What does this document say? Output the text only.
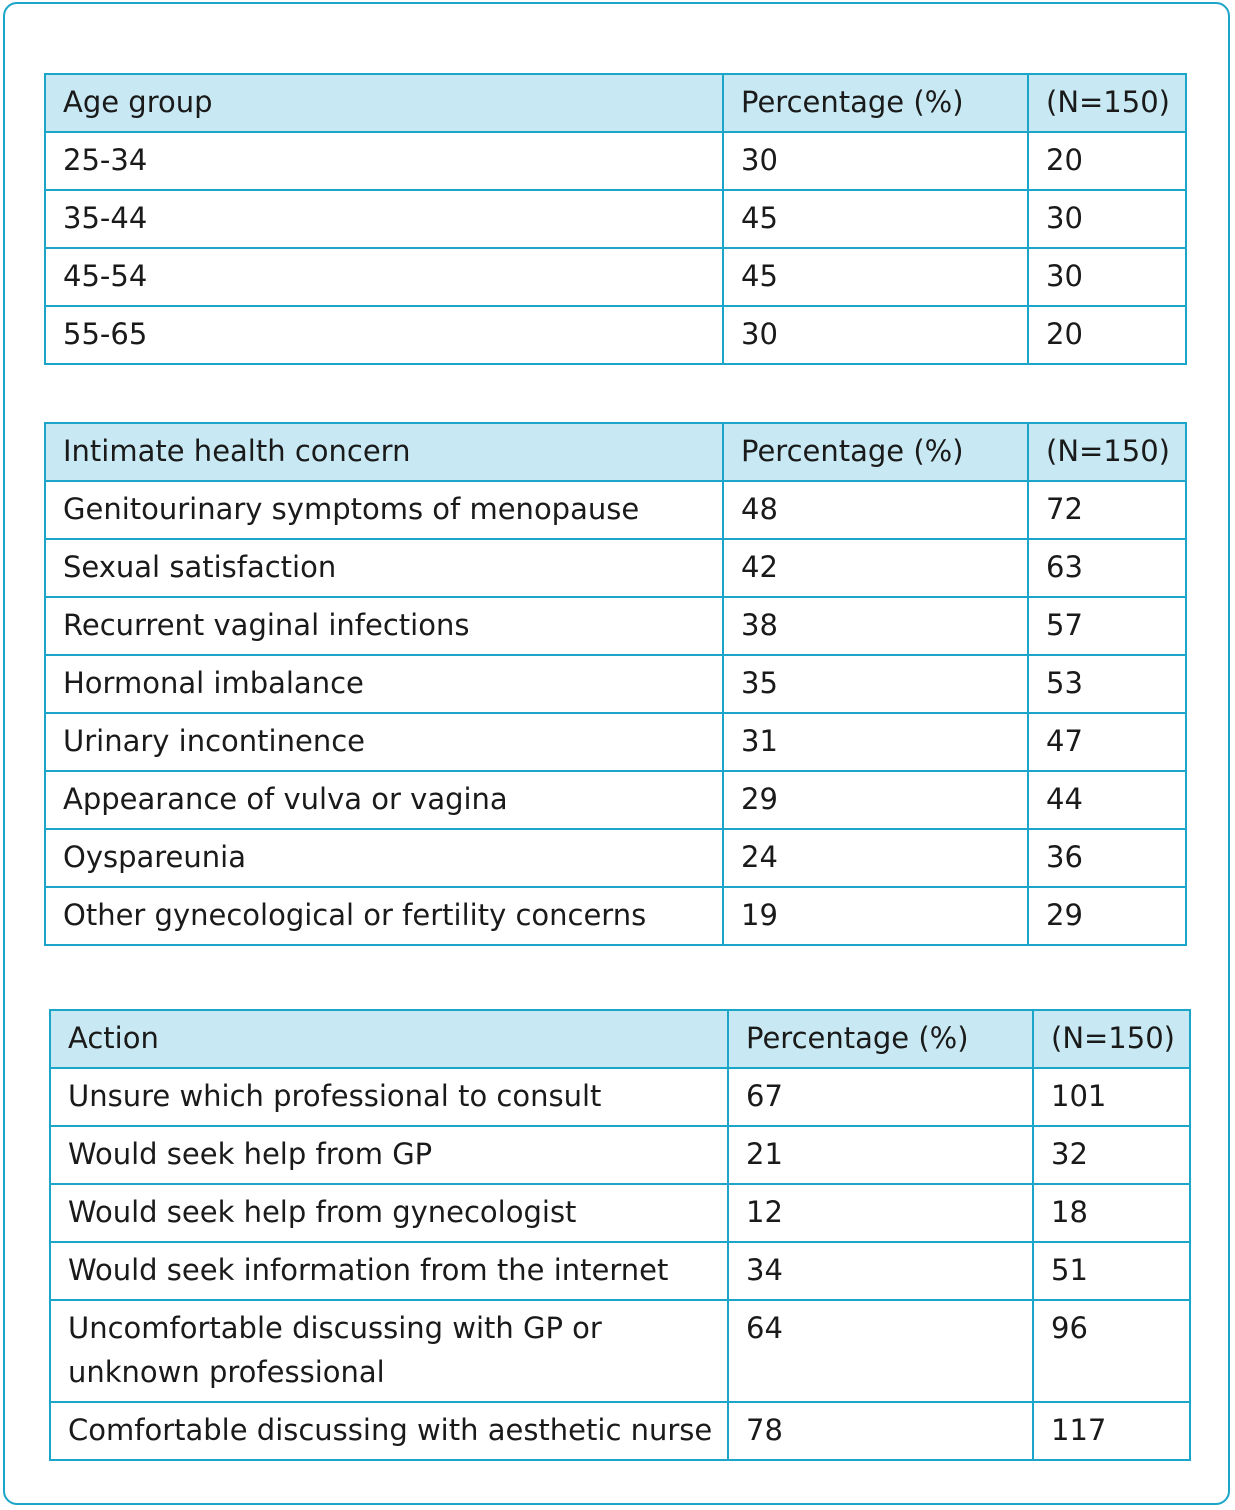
Age group	Percentage (%)	(N=150)
25-34	30	20
35-44	45	30
45-54	45	30
55-65	30	20
Intimate health concern	Percentage (%)	(N=150)
Genitourinary symptoms of menopause	48	72
Sexual satisfaction	42	63
Recurrent vaginal infections	38	57
Hormonal imbalance	35	53
Urinary incontinence	31	47
Appearance of vulva or vagina	29	44
Oyspareunia	24	36
Other gynecological or fertility concerns	19	29
Action	Percentage (%)	(N=150)
Unsure which professional to consult	67	101
Would seek help from GP	21	32
Would seek help from gynecologist	12	18
Would seek information from the internet	34	51
Uncomfortable discussing with GP or unknown professional	64	96
Comfortable discussing with aesthetic nurse	78	117
